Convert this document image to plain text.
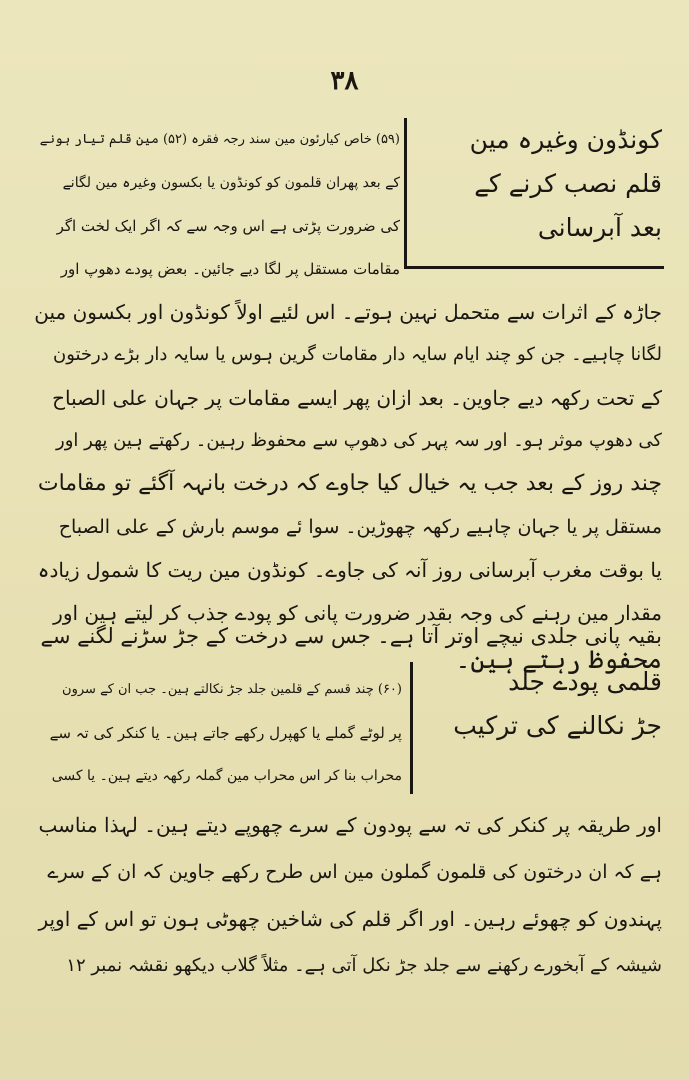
۳۸
کونڈون وغیرہ مین
قلم نصب کرنے کے
بعد آبرسانی
(۵۹) خاص کیارئون مین سند رجہ فقرہ (۵۲) مین قلم تیار ہونے
کے بعد پھران قلمون کو کونڈون یا بکسون وغیرہ مین لگانے
کی ضرورت پڑتی ہے اس وجہ سے کہ اگر ایک لخت اگر
مقامات مستقل پر لگا دیے جائین۔ بعض پودے دھوپ اور
جاڑہ کے اثرات سے متحمل نہین ہوتے۔ اس لئیے اولاً کونڈون اور بکسون مین
لگانا چاہیے۔ جن کو چند ایام سایہ دار مقامات گرین ہوس یا سایہ دار بڑے درختون
کے تحت رکھہ دیے جاوین۔ بعد ازان پھر ایسے مقامات پر جہان علی الصباح
کی دھوپ موثر ہو۔ اور سہ پہر کی دھوپ سے محفوظ رہین۔ رکھتے ہین پھر اور
چند روز کے بعد جب یہ خیال کیا جاوے کہ درخت بانہہ آگئے تو مقامات
مستقل پر یا جہان چاہیے رکھہ چھوڑین۔ سوا ئے موسم بارش کے علی الصباح
یا بوقت مغرب آبرسانی روز آنہ کی جاوے۔ کونڈون مین ریت کا شمول زیادہ
مقدار مین رہنے کی وجہ بقدر ضرورت پانی کو پودے جذب کر لیتے ہین اور
بقیہ پانی جلدی نیچے اوتر آتا ہے۔ جس سے درخت کے جڑ سڑنے لگنے سے
محفوظ رہتے ہین۔
قلمی پودے جلد
جڑ نکالنے کی ترکیب
(۶۰) چند قسم کے قلمین جلد جڑ نکالتے ہین۔ جب ان کے سرون
پر لوٹے گملے یا کھپرل رکھے جاتے ہین۔ یا کنکر کی تہ سے
محراب بنا کر اس محراب مین گملہ رکھہ دیتے ہین۔ یا کسی
اور طریقہ پر کنکر کی تہ سے پودون کے سرے چھوپے دیتے ہین۔ لہذا مناسب
ہے کہ ان درختون کی قلمون گملون مین اس طرح رکھے جاوین کہ ان کے سرے
پہندون کو چھوئے رہین۔ اور اگر قلم کی شاخین چھوٹی ہون تو اس کے اوپر
شیشہ کے آبخورے رکھنے سے جلد جڑ نکل آتی ہے۔ مثلاً گلاب دیکھو نقشہ نمبر ۱۲
